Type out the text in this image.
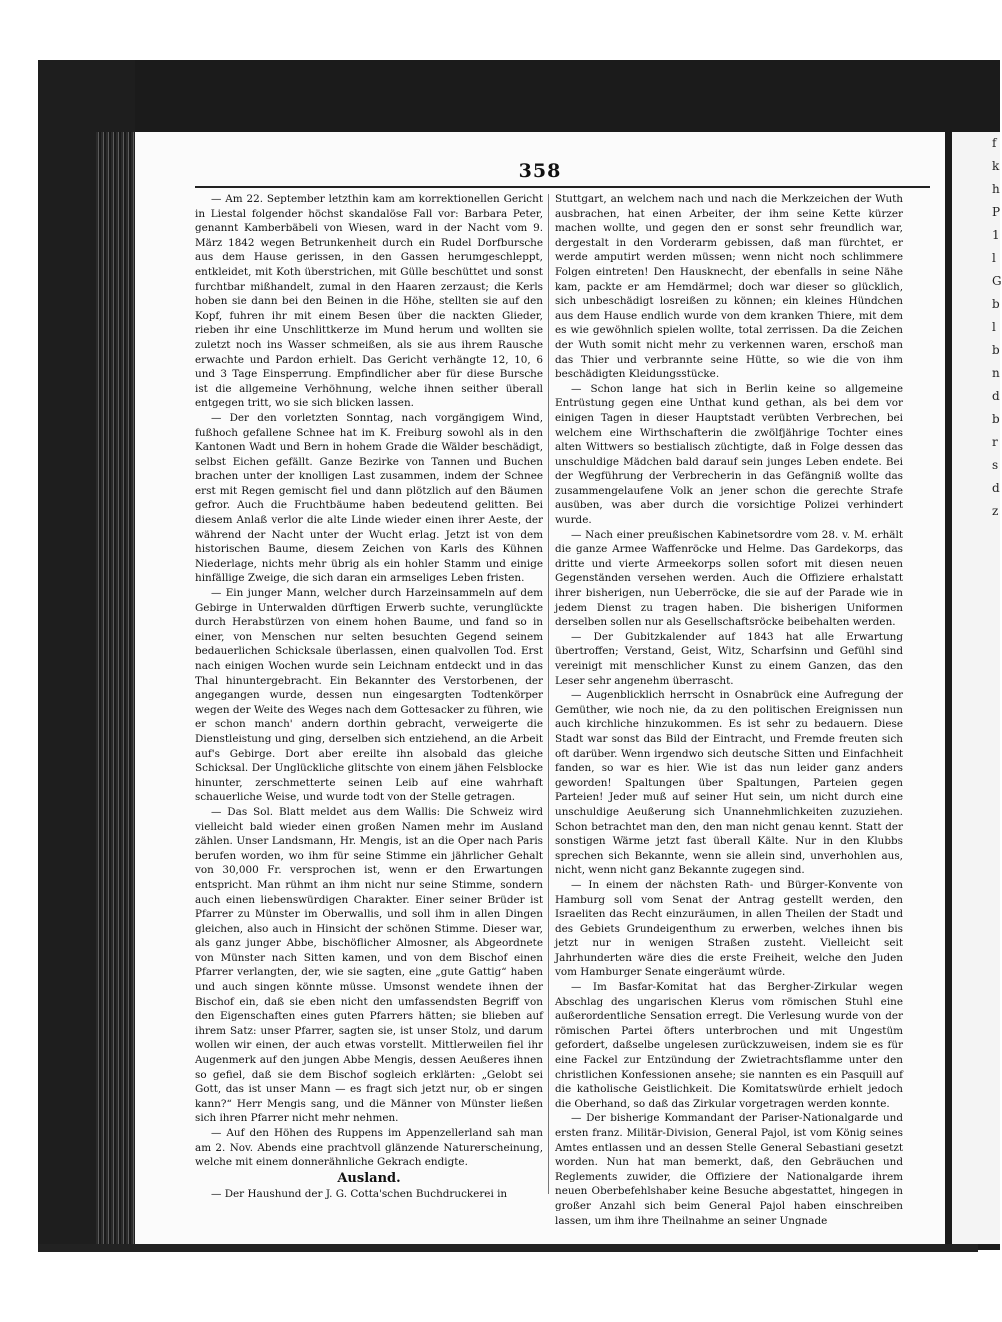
f
k
h
P
1
l
G
b
l
b
n
d
b
r
s
d
z
358

— Am 22. September letzthin kam am korrektionellen Gericht in Liestal folgender höchst skandalöse Fall vor: Barbara Peter, genannt Kamberbäbeli von Wiesen, ward in der Nacht vom 9. März 1842 wegen Betrunkenheit durch ein Rudel Dorfbursche aus dem Hause gerissen, in den Gassen herumgeschleppt, entkleidet, mit Koth überstrichen, mit Gülle beschüttet und sonst furchtbar mißhandelt, zumal in den Haaren zerzaust; die Kerls hoben sie dann bei den Beinen in die Höhe, stellten sie auf den Kopf, fuhren ihr mit einem Besen über die nackten Glieder, rieben ihr eine Unschlittkerze im Mund herum und wollten sie zuletzt noch ins Wasser schmeißen, als sie aus ihrem Rausche erwachte und Pardon erhielt. Das Gericht verhängte 12, 10, 6 und 3 Tage Einsperrung. Empfindlicher aber für diese Bursche ist die allgemeine Verhöhnung, welche ihnen seither überall entgegen tritt, wo sie sich blicken lassen.

— Der den vorletzten Sonntag, nach vorgängigem Wind, fußhoch gefallene Schnee hat im K. Freiburg sowohl als in den Kantonen Wadt und Bern in hohem Grade die Wälder beschädigt, selbst Eichen gefällt. Ganze Bezirke von Tannen und Buchen brachen unter der knolligen Last zusammen, indem der Schnee erst mit Regen gemischt fiel und dann plötzlich auf den Bäumen gefror. Auch die Fruchtbäume haben bedeutend gelitten. Bei diesem Anlaß verlor die alte Linde wieder einen ihrer Aeste, der während der Nacht unter der Wucht erlag. Jetzt ist von dem historischen Baume, diesem Zeichen von Karls des Kühnen Niederlage, nichts mehr übrig als ein hohler Stamm und einige hinfällige Zweige, die sich daran ein armseliges Leben fristen.

— Ein junger Mann, welcher durch Harzeinsammeln auf dem Gebirge in Unterwalden dürftigen Erwerb suchte, verunglückte durch Herabstürzen von einem hohen Baume, und fand so in einer, von Menschen nur selten besuchten Gegend seinem bedauerlichen Schicksale überlassen, einen qualvollen Tod. Erst nach einigen Wochen wurde sein Leichnam entdeckt und in das Thal hinuntergebracht. Ein Bekannter des Verstorbenen, der angegangen wurde, dessen nun eingesargten Todtenkörper wegen der Weite des Weges nach dem Gottesacker zu führen, wie er schon manch' andern dorthin gebracht, verweigerte die Dienstleistung und ging, derselben sich entziehend, an die Arbeit auf's Gebirge. Dort aber ereilte ihn alsobald das gleiche Schicksal. Der Unglückliche glitschte von einem jähen Felsblocke hinunter, zerschmetterte seinen Leib auf eine wahrhaft schauerliche Weise, und wurde todt von der Stelle getragen.

— Das Sol. Blatt meldet aus dem Wallis: Die Schweiz wird vielleicht bald wieder einen großen Namen mehr im Ausland zählen. Unser Landsmann, Hr. Mengis, ist an die Oper nach Paris berufen worden, wo ihm für seine Stimme ein jährlicher Gehalt von 30,000 Fr. versprochen ist, wenn er den Erwartungen entspricht. Man rühmt an ihm nicht nur seine Stimme, sondern auch einen liebenswürdigen Charakter. Einer seiner Brüder ist Pfarrer zu Münster im Oberwallis, und soll ihm in allen Dingen gleichen, also auch in Hinsicht der schönen Stimme. Dieser war, als ganz junger Abbe, bischöflicher Almosner, als Abgeordnete von Münster nach Sitten kamen, und von dem Bischof einen Pfarrer verlangten, der, wie sie sagten, eine „gute Gattig“ haben und auch singen könnte müsse. Umsonst wendete ihnen der Bischof ein, daß sie eben nicht den umfassendsten Begriff von den Eigenschaften eines guten Pfarrers hätten; sie blieben auf ihrem Satz: unser Pfarrer, sagten sie, ist unser Stolz, und darum wollen wir einen, der auch etwas vorstellt. Mittlerweilen fiel ihr Augenmerk auf den jungen Abbe Mengis, dessen Aeußeres ihnen so gefiel, daß sie dem Bischof sogleich erklärten: „Gelobt sei Gott, das ist unser Mann — es fragt sich jetzt nur, ob er singen kann?“ Herr Mengis sang, und die Männer von Münster ließen sich ihren Pfarrer nicht mehr nehmen.

— Auf den Höhen des Ruppens im Appenzellerland sah man am 2. Nov. Abends eine prachtvoll glänzende Naturerscheinung, welche mit einem donnerähnliche Gekrach endigte.

Ausland.

— Der Haushund der J. G. Cotta'schen Buchdruckerei in

Stuttgart, an welchem nach und nach die Merkzeichen der Wuth ausbrachen, hat einen Arbeiter, der ihm seine Kette kürzer machen wollte, und gegen den er sonst sehr freundlich war, dergestalt in den Vorderarm gebissen, daß man fürchtet, er werde amputirt werden müssen; wenn nicht noch schlimmere Folgen eintreten! Den Hausknecht, der ebenfalls in seine Nähe kam, packte er am Hemdärmel; doch war dieser so glücklich, sich unbeschädigt losreißen zu können; ein kleines Hündchen aus dem Hause endlich wurde von dem kranken Thiere, mit dem es wie gewöhnlich spielen wollte, total zerrissen. Da die Zeichen der Wuth somit nicht mehr zu verkennen waren, erschoß man das Thier und verbrannte seine Hütte, so wie die von ihm beschädigten Kleidungsstücke.

— Schon lange hat sich in Berlin keine so allgemeine Entrüstung gegen eine Unthat kund gethan, als bei dem vor einigen Tagen in dieser Hauptstadt verübten Verbrechen, bei welchem eine Wirthschafterin die zwölfjährige Tochter eines alten Wittwers so bestialisch züchtigte, daß in Folge dessen das unschuldige Mädchen bald darauf sein junges Leben endete. Bei der Wegführung der Verbrecherin in das Gefängniß wollte das zusammengelaufene Volk an jener schon die gerechte Strafe ausüben, was aber durch die vorsichtige Polizei verhindert wurde.

— Nach einer preußischen Kabinetsordre vom 28. v. M. erhält die ganze Armee Waffenröcke und Helme. Das Gardekorps, das dritte und vierte Armeekorps sollen sofort mit diesen neuen Gegenständen versehen werden. Auch die Offiziere erhalstatt ihrer bisherigen, nun Ueberröcke, die sie auf der Parade wie in jedem Dienst zu tragen haben. Die bisherigen Uniformen derselben sollen nur als Gesellschaftsröcke beibehalten werden.

— Der Gubitzkalender auf 1843 hat alle Erwartung übertroffen; Verstand, Geist, Witz, Scharfsinn und Gefühl sind vereinigt mit menschlicher Kunst zu einem Ganzen, das den Leser sehr angenehm überrascht.

— Augenblicklich herrscht in Osnabrück eine Aufregung der Gemüther, wie noch nie, da zu den politischen Ereignissen nun auch kirchliche hinzukommen. Es ist sehr zu bedauern. Diese Stadt war sonst das Bild der Eintracht, und Fremde freuten sich oft darüber. Wenn irgendwo sich deutsche Sitten und Einfachheit fanden, so war es hier. Wie ist das nun leider ganz anders geworden! Spaltungen über Spaltungen, Parteien gegen Parteien! Jeder muß auf seiner Hut sein, um nicht durch eine unschuldige Aeußerung sich Unannehmlichkeiten zuzuziehen. Schon betrachtet man den, den man nicht genau kennt. Statt der sonstigen Wärme jetzt fast überall Kälte. Nur in den Klubbs sprechen sich Bekannte, wenn sie allein sind, unverhohlen aus, nicht, wenn nicht ganz Bekannte zugegen sind.

— In einem der nächsten Rath- und Bürger-Konvente von Hamburg soll vom Senat der Antrag gestellt werden, den Israeliten das Recht einzuräumen, in allen Theilen der Stadt und des Gebiets Grundeigenthum zu erwerben, welches ihnen bis jetzt nur in wenigen Straßen zusteht. Vielleicht seit Jahrhunderten wäre dies die erste Freiheit, welche den Juden vom Hamburger Senate eingeräumt würde.

— Im Basfar-Komitat hat das Bergher-Zirkular wegen Abschlag des ungarischen Klerus vom römischen Stuhl eine außerordentliche Sensation erregt. Die Verlesung wurde von der römischen Partei öfters unterbrochen und mit Ungestüm gefordert, daßselbe ungelesen zurückzuweisen, indem sie es für eine Fackel zur Entzündung der Zwietrachtsflamme unter den christlichen Konfessionen ansehe; sie nannten es ein Pasquill auf die katholische Geistlichkeit. Die Komitatswürde erhielt jedoch die Oberhand, so daß das Zirkular vorgetragen werden konnte.

— Der bisherige Kommandant der Pariser-Nationalgarde und ersten franz. Militär-Division, General Pajol, ist vom König seines Amtes entlassen und an dessen Stelle General Sebastiani gesetzt worden. Nun hat man bemerkt, daß, den Gebräuchen und Reglements zuwider, die Offiziere der Nationalgarde ihrem neuen Oberbefehlshaber keine Besuche abgestattet, hingegen in großer Anzahl sich beim General Pajol haben einschreiben lassen, um ihm ihre Theilnahme an seiner Ungnade
